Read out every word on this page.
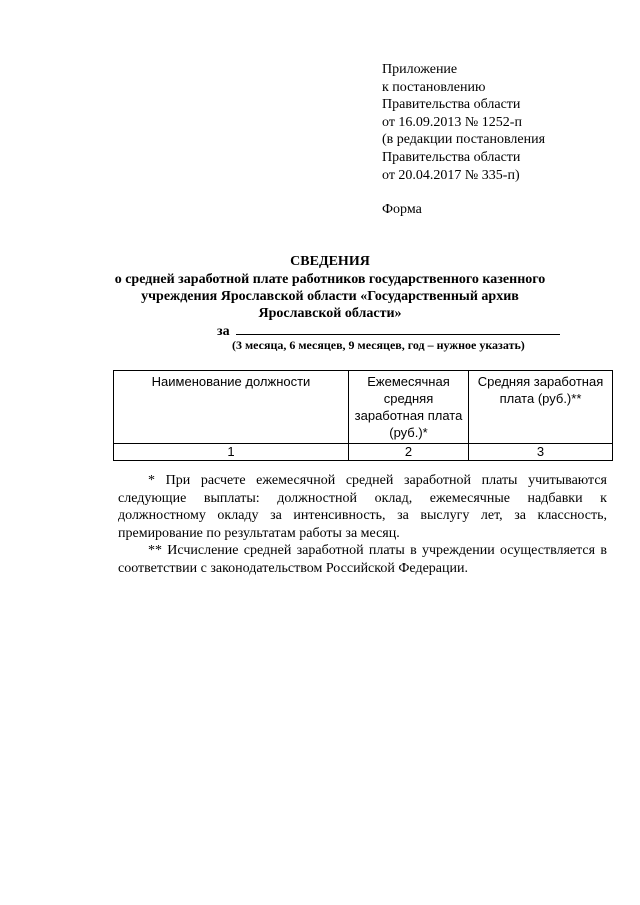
Приложение
к постановлению
Правительства области
от 16.09.2013 № 1252-п
(в редакции постановления
Правительства области
от 20.04.2017 № 335-п)
Форма
СВЕДЕНИЯ
о средней заработной плате работников государственного казенного учреждения Ярославской области «Государственный архив Ярославской области»
за
(3 месяца, 6 месяцев, 9 месяцев, год – нужное указать)
Наименование должности	Ежемесячная средняя заработная плата (руб.)*	Средняя заработная плата (руб.)**
1	2	3

* При расчете ежемесячной средней заработной платы учитываются следующие выплаты: должностной оклад, ежемесячные надбавки к должностному окладу за интенсивность, за выслугу лет, за классность, премирование по результатам работы за месяц.

** Исчисление средней заработной платы в учреждении осуществляется в соответствии с законодательством Российской Федерации.
